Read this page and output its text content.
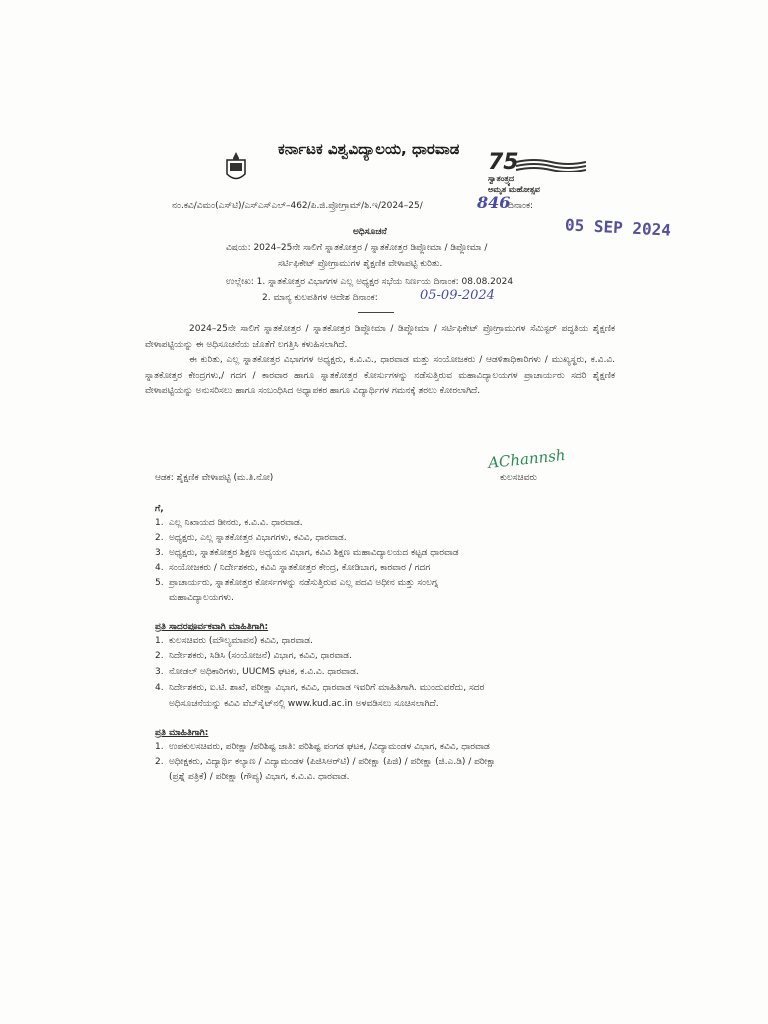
ಕರ್ನಾಟಕ ವಿಶ್ವವಿದ್ಯಾಲಯ, ಧಾರವಾಡ
75
ಸ್ವಾತಂತ್ರ್ಯದ
ಅಮೃತ ಮಹೋತ್ಸವ
ನಂ.ಕವಿ/ವಿಮಂ(ಎಸ್‌ಟಿ)/ಎಸ್‌ಎಸ್‌ಎಲ್–462/ಪಿ.ಜಿ.ಪ್ರೋಗ್ರಾಮ್/ಶಿ.ಇ/2024–25/	846
ದಿನಾಂಕ:
05 SEP 2024
ಅಧಿಸೂಚನೆ
ವಿಷಯ: 2024–25ನೇ ಸಾಲಿಗೆ ಸ್ನಾತಕೋತ್ತರ / ಸ್ನಾತಕೋತ್ತರ ಡಿಪ್ಲೋಮಾ / ಡಿಪ್ಲೋಮಾ /
ಸರ್ಟಿಫಿಕೇಟ್ ಪ್ರೋಗ್ರಾಮುಗಳ ಶೈಕ್ಷಣಿಕ ವೇಳಾಪಟ್ಟಿ ಕುರಿತು.
ಉಲ್ಲೇಖ: 1. ಸ್ನಾತಕೋತ್ತರ ವಿಭಾಗಗಳ ಎಲ್ಲ ಅಧ್ಯಕ್ಷರ ಸಭೆಯ ನಿರ್ಣಯ ದಿನಾಂಕ: 08.08.2024
2. ಮಾನ್ಯ ಕುಲಪತಿಗಳ ಆದೇಶ ದಿನಾಂಕ:	05-09-2024
2024–25ನೇ ಸಾಲಿಗೆ ಸ್ನಾತಕೋತ್ತರ / ಸ್ನಾತಕೋತ್ತರ ಡಿಪ್ಲೋಮಾ / ಡಿಪ್ಲೋಮಾ / ಸರ್ಟಿಫಿಕೇಟ್ ಪ್ರೋಗ್ರಾಮುಗಳ ಸೆಮಿಸ್ಟರ್ ಪದ್ಧತಿಯ ಶೈಕ್ಷಣಿಕ ವೇಳಾಪಟ್ಟಿಯನ್ನು ಈ ಅಧಿಸೂಚನೆಯ ಜೊತೆಗೆ ಲಗತ್ತಿಸಿ ಕಳುಹಿಸಲಾಗಿದೆ.
ಈ ಕುರಿತು, ಎಲ್ಲ ಸ್ನಾತಕೋತ್ತರ ವಿಭಾಗಗಳ ಅಧ್ಯಕ್ಷರು, ಕ.ವಿ.ವಿ., ಧಾರವಾಡ ಮತ್ತು ಸಂಯೋಜಕರು / ಆಡಳಿತಾಧಿಕಾರಿಗಳು / ಮುಖ್ಯಸ್ಥರು, ಕ.ವಿ.ವಿ. ಸ್ನಾತಕೋತ್ತರ ಕೇಂದ್ರಗಳು,/ ಗದಗ / ಕಾರವಾರ ಹಾಗೂ ಸ್ನಾತಕೋತ್ತರ ಕೋರ್ಸುಗಳನ್ನು ನಡೆಸುತ್ತಿರುವ ಮಹಾವಿದ್ಯಾಲಯಗಳ ಪ್ರಾಚಾರ್ಯರು ಸದರಿ ಶೈಕ್ಷಣಿಕ ವೇಳಾಪಟ್ಟಿಯನ್ನು ಅನುಸರಿಸಲು ಹಾಗೂ ಸಂಬಂಧಿಸಿದ ಅಧ್ಯಾಪಕರ ಹಾಗೂ ವಿದ್ಯಾರ್ಥಿಗಳ ಗಮನಕ್ಕೆ ತರಲು ಕೋರಲಾಗಿದೆ.
AChannsh
ಕುಲಸಚಿವರು
ಆಡಕ: ಶೈಕ್ಷಣಿಕ ವೇಳಾಪಟ್ಟಿ (ಮ.ತಿ.ನೋ)
ಗೆ,
1. ಎಲ್ಲ ನಿಖಾಯದ ಡೀನರು, ಕ.ವಿ.ವಿ. ಧಾರವಾಡ.
2. ಅಧ್ಯಕ್ಷರು, ಎಲ್ಲ ಸ್ನಾತಕೋತ್ತರ ವಿಭಾಗಗಳು, ಕವಿವಿ, ಧಾರವಾಡ.
3. ಅಧ್ಯಕ್ಷರು, ಸ್ನಾತಕೋತ್ತರ ಶಿಕ್ಷಣ ಅಧ್ಯಯನ ವಿಭಾಗ, ಕವಿವಿ ಶಿಕ್ಷಣ ಮಹಾವಿದ್ಯಾಲಯದ ಕಟ್ಟಡ ಧಾರವಾಡ
4. ಸಂಯೋಜಕರು / ನಿರ್ದೇಶಕರು, ಕವಿವಿ ಸ್ನಾತಕೋತ್ತರ ಕೇಂದ್ರ, ಕೋಡಿಬಾಗ, ಕಾರವಾರ / ಗದಗ
5. ಪ್ರಾಚಾರ್ಯರು, ಸ್ನಾತಕೋತ್ತರ ಕೋರ್ಸಗಳನ್ನು ನಡೆಸುತ್ತಿರುವ ಎಲ್ಲ ಪದವಿ ಅಧೀನ ಮತ್ತು ಸಂಲಗ್ನ
ಮಹಾವಿದ್ಯಾಲಯಗಳು.
ಪ್ರತಿ ಸಾದರಪೂರ್ವಕವಾಗಿ ಮಾಹಿತಿಗಾಗಿ:
1. ಕುಲಸಚಿವರು (ಮೌಲ್ಯಮಾಪನ) ಕವಿವಿ, ಧಾರವಾಡ.
2. ನಿರ್ದೇಶಕರು, ಸಿಡಿಸಿ (ಸಂಯೋಜನೆ) ವಿಭಾಗ, ಕವಿವಿ, ಧಾರವಾಡ.
3. ನೋಡಲ್ ಅಧಿಕಾರಿಗಳು, UUCMS ಘಟಕ, ಕ.ವಿ.ವಿ. ಧಾರವಾಡ.
4. ನಿರ್ದೇಶಕರು, ಐ.ಟಿ. ಶಾಖೆ, ಪರೀಕ್ಷಾ ವಿಭಾಗ, ಕವಿವಿ, ಧಾರವಾಡ ಇವರಿಗೆ ಮಾಹಿತಿಗಾಗಿ. ಮುಂದುವರೆದು, ಸದರ
ಅಧಿಸೂಚನೆಯನ್ನು ಕವಿವಿ ವೆಬ್‌ಸೈಟ್‌ನಲ್ಲಿ www.kud.ac.in ಅಳವಡಿಸಲು ಸೂಚಿಸಲಾಗಿದೆ.
ಪ್ರತಿ ಮಾಹಿತಿಗಾಗಿ:
1. ಉಪಕುಲಸಚಿವರು, ಪರೀಕ್ಷಾ /ಪರಿಶಿಷ್ಟ ಜಾತಿ: ಪರಿಶಿಷ್ಟ ಪಂಗಡ ಘಟಕ, /ವಿದ್ಯಾಮಂಡಳ ವಿಭಾಗ, ಕವಿವಿ, ಧಾರವಾಡ
2. ಅಧೀಕ್ಷಕರು, ವಿದ್ಯಾರ್ಥಿ ಕಲ್ಯಾಣ / ವಿದ್ಯಾಮಂಡಳ (ಪಿಜಿಸಿಆರ್‌ಟಿ) / ಪರೀಕ್ಷಾ (ಪಿಜಿ) / ಪರೀಕ್ಷಾ (ಜಿ.ಎ.ಡಿ) / ಪರೀಕ್ಷಾ
(ಪ್ರಶ್ನೆ ಪತ್ರಿಕೆ) / ಪರೀಕ್ಷಾ (ಗೌಪ್ಯ) ವಿಭಾಗ, ಕ.ವಿ.ವಿ. ಧಾರವಾಡ.
